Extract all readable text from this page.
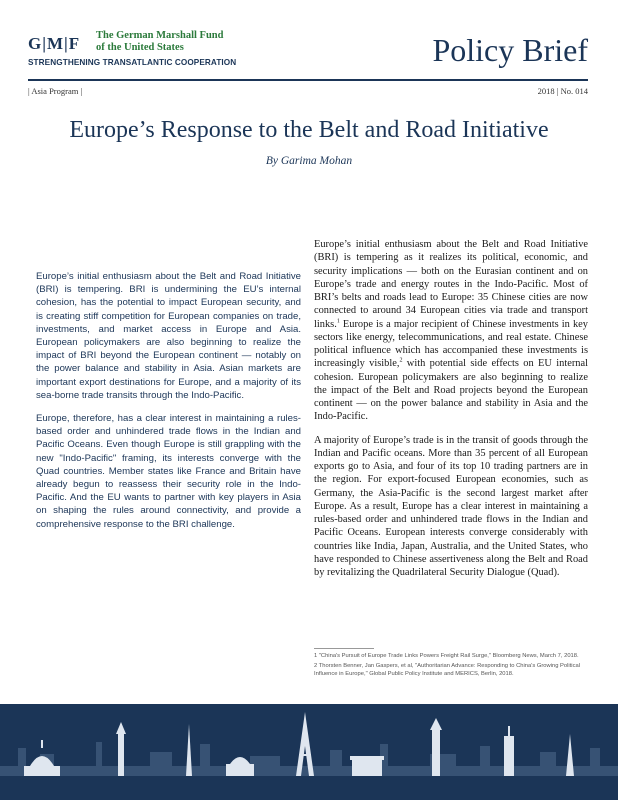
G|M|F The German Marshall Fund
of the United States
STRENGTHENING TRANSATLANTIC COOPERATION	Policy Brief
| Asia Program |	2018 | No. 014
Europe’s Response to the Belt and Road Initiative
By Garima Mohan

Europe’s initial enthusiasm about the Belt and Road Initiative (BRI) is tempering. BRI is undermining the EU’s internal cohesion, has the potential to impact European security, and is creating stiff competition for European companies on trade, investments, and market access in Europe and Asia. European policymakers are also beginning to realize the impact of BRI beyond the European continent — notably on the power balance and stability in Asia. Asian markets are important export destinations for Europe, and a majority of its sea-borne trade transits through the Indo-Pacific.

Europe, therefore, has a clear interest in maintaining a rules-based order and unhindered trade flows in the Indian and Pacific Oceans. Even though Europe is still grappling with the new "Indo-Pacific" framing, its interests converge with the Quad countries. Member states like France and Britain have already begun to reassess their security role in the Indo-Pacific. And the EU wants to partner with key players in Asia on shaping the rules around connectivity, and provide a comprehensive response to the BRI challenge.

Europe’s initial enthusiasm about the Belt and Road Initiative (BRI) is tempering as it realizes its political, economic, and security implications — both on the Eurasian continent and on Europe’s trade and energy routes in the Indo-Pacific. Most of BRI’s belts and roads lead to Europe: 35 Chinese cities are now connected to around 34 European cities via trade and transport links.$^1$ Europe is a major recipient of Chinese investments in key sectors like energy, telecommunications, and real estate. Chinese political influence which has accompanied these investments is increasingly visible,$^2$ with potential side effects on EU internal cohesion. European policymakers are also beginning to realize the impact of the Belt and Road projects beyond the European continent — on the power balance and stability in Asia and the Indo-Pacific.

A majority of Europe’s trade is in the transit of goods through the Indian and Pacific oceans. More than 35 percent of all European exports go to Asia, and four of its top 10 trading partners are in the region. For export-focused European economies, such as Germany, the Asia-Pacific is the second largest market after Europe. As a result, Europe has a clear interest in maintaining a rules-based order and unhindered trade flows in the Indian and Pacific Oceans. European interests converge considerably with countries like India, Japan, Australia, and the United States, who have responded to Chinese assertiveness along the Belt and Road by revitalizing the Quadrilateral Security Dialogue (Quad).

1 "China's Pursuit of Europe Trade Links Powers Freight Rail Surge," Bloomberg News, March 7, 2018.

2 Thorsten Benner, Jan Gaspers, et al, "Authoritarian Advance: Responding to China's Growing Political Influence in Europe," Global Public Policy Institute and MERICS, Berlin, 2018.
